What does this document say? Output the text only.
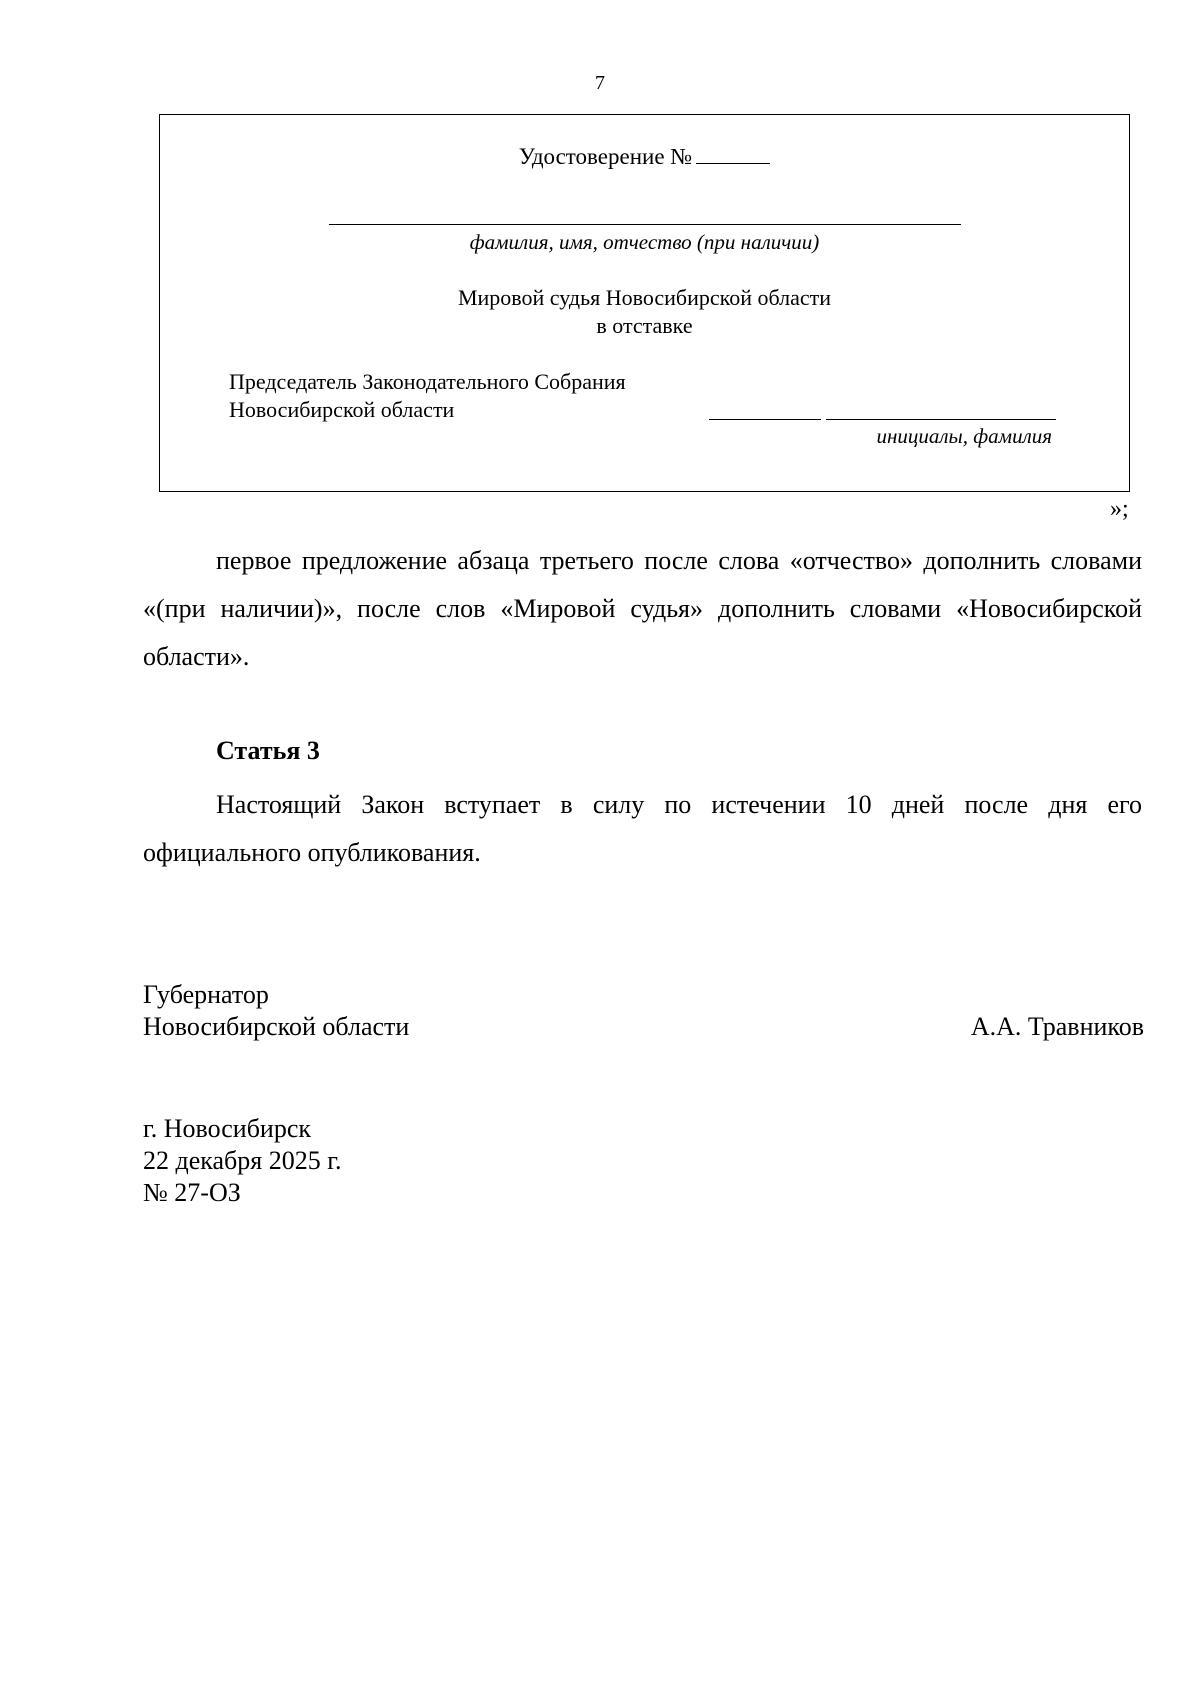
7
Удостоверение №
фамилия, имя, отчество (при наличии)
Мировой судья Новосибирской области
в отставке
Председатель Законодательного Собрания
Новосибирской области
инициалы, фамилия
»;

первое предложение абзаца третьего после слова «отчество» дополнить словами «(при наличии)», после слов «Мировой судья» дополнить словами «Новосибирской области».

Статья 3

Настоящий Закон вступает в силу по истечении 10 дней после дня его официального опубликования.

Губернатор
Новосибирской области	А.А. Травников
г. Новосибирск
22 декабря 2025 г.
№ 27-ОЗ
